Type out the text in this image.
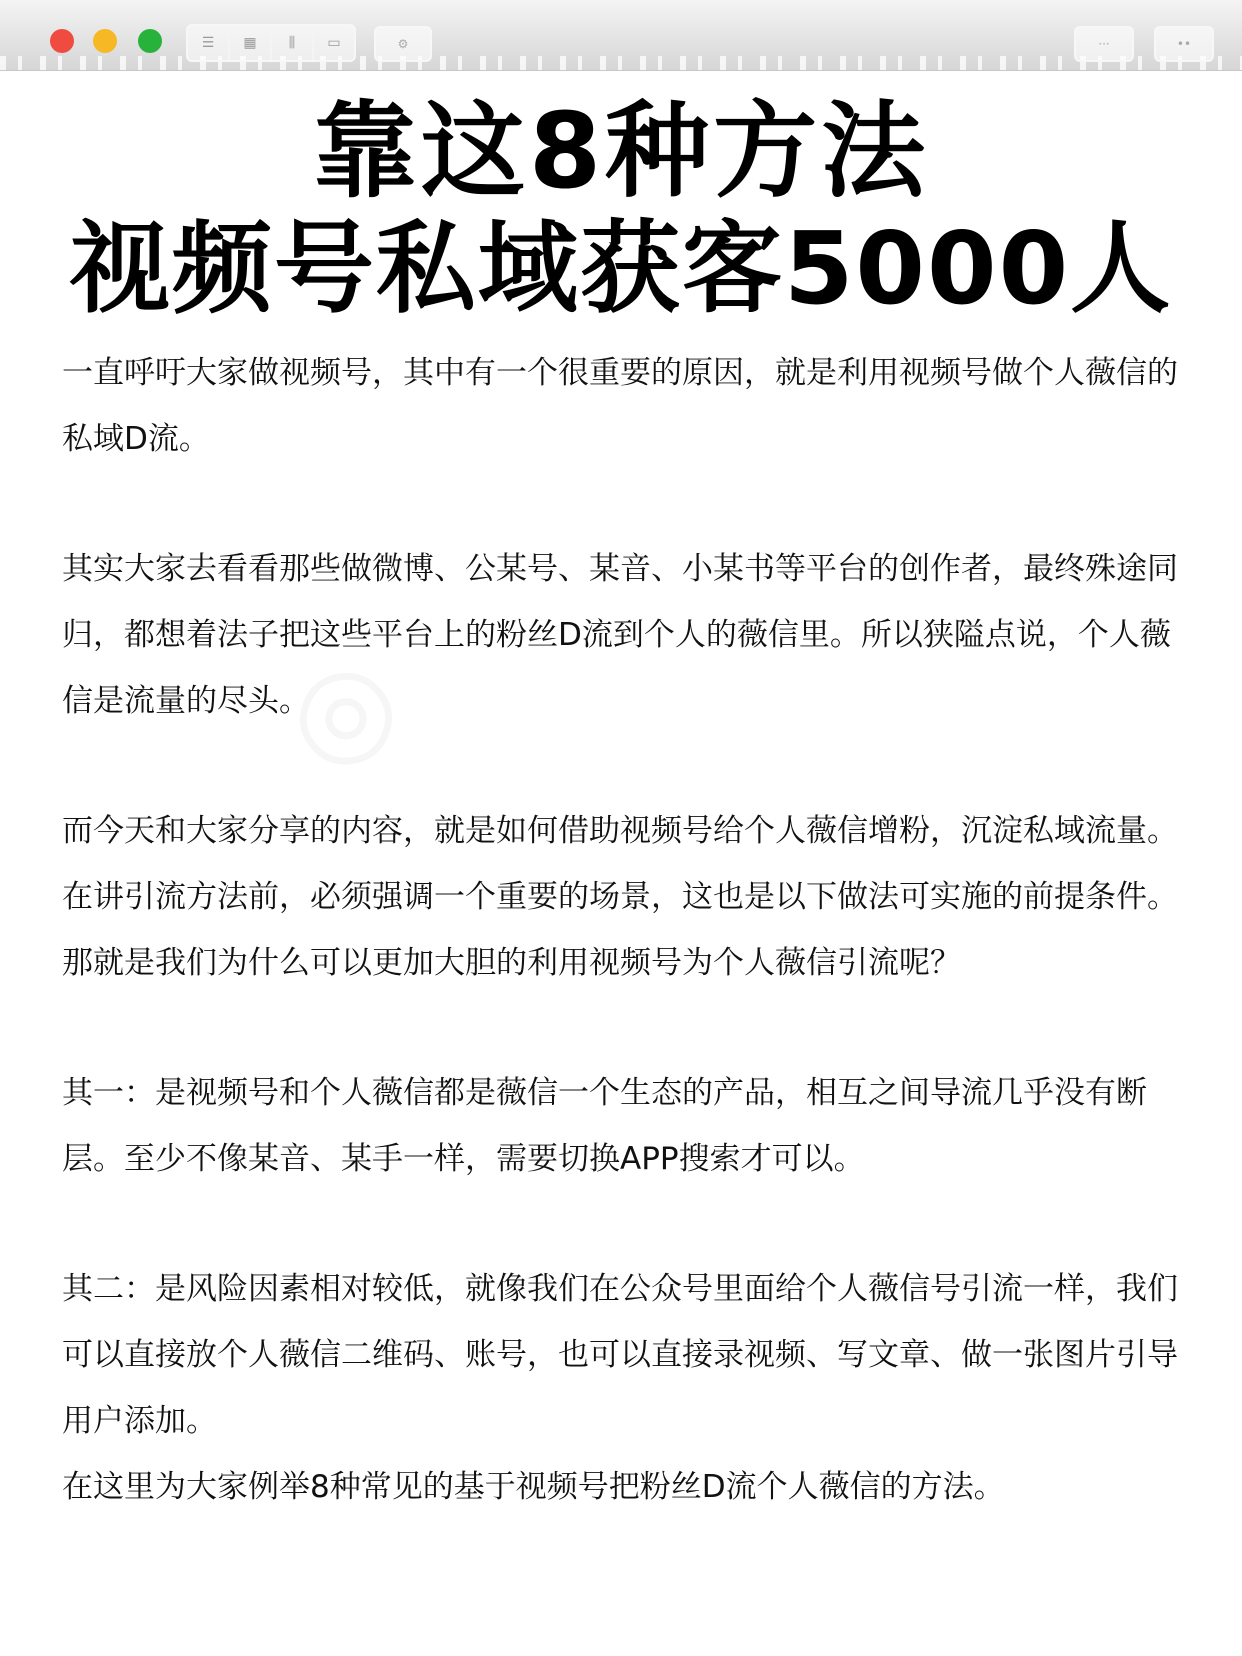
☰ ▦ ⫼ ▭	⚙	···	••
靠这8种方法
视频号私域获客5000人

一直呼吁大家做视频号，其中有一个很重要的原因，就是利用视频号做个人薇信的私域D流。

其实大家去看看那些做微博、公某号、某音、小某书等平台的创作者，最终殊途同归，都想着法子把这些平台上的粉丝D流到个人的薇信里。所以狭隘点说，个人薇信是流量的尽头。

而今天和大家分享的内容，就是如何借助视频号给个人薇信增粉，沉淀私域流量。在讲引流方法前，必须强调一个重要的场景，这也是以下做法可实施的前提条件。

那就是我们为什么可以更加大胆的利用视频号为个人薇信引流呢？

其一：是视频号和个人薇信都是薇信一个生态的产品，相互之间导流几乎没有断层。至少不像某音、某手一样，需要切换APP搜索才可以。

其二：是风险因素相对较低，就像我们在公众号里面给个人薇信号引流一样，我们可以直接放个人薇信二维码、账号，也可以直接录视频、写文章、做一张图片引导用户添加。

在这里为大家例举8种常见的基于视频号把粉丝D流个人薇信的方法。
